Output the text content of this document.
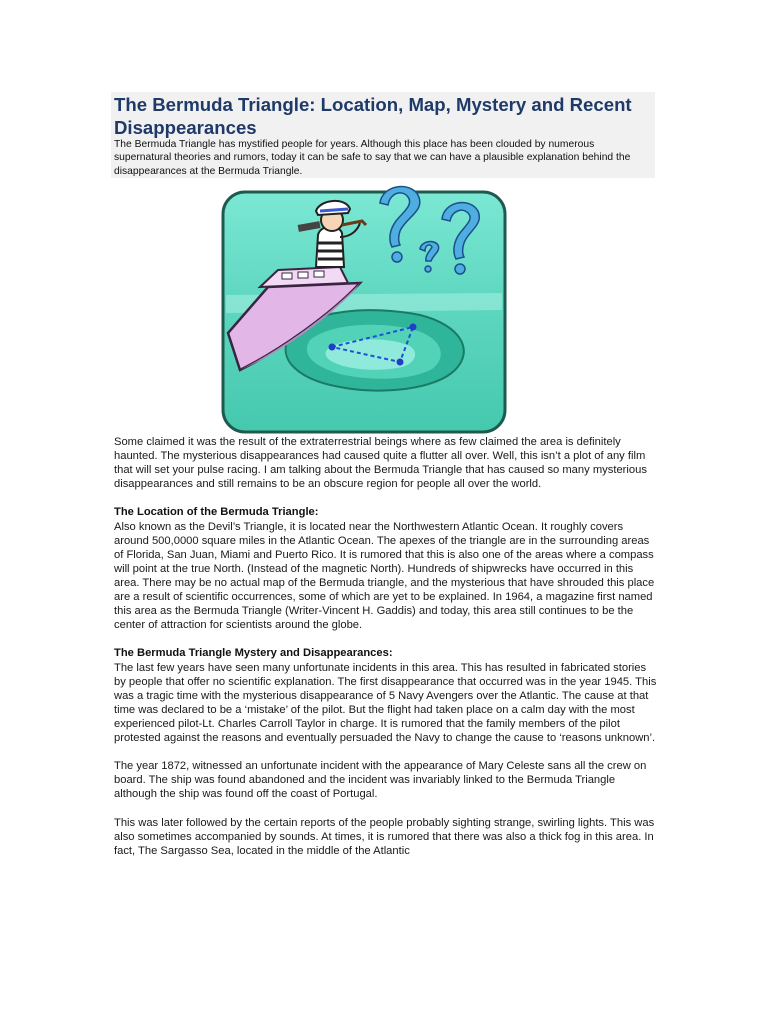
The Bermuda Triangle: Location, Map, Mystery and Recent Disappearances

The Bermuda Triangle has mystified people for years. Although this place has been clouded by numerous supernatural theories and rumors, today it can be safe to say that we can have a plausible explanation behind the disappearances at the Bermuda Triangle.

Some claimed it was the result of the extraterrestrial beings where as few claimed the area is definitely haunted. The mysterious disappearances had caused quite a flutter all over. Well, this isn’t a plot of any film that will set your pulse racing. I am talking about the Bermuda Triangle that has caused so many mysterious disappearances and still remains to be an obscure region for people all over the world.

The Location of the Bermuda Triangle:

Also known as the Devil’s Triangle, it is located near the Northwestern Atlantic Ocean. It roughly covers around 500,0000 square miles in the Atlantic Ocean. The apexes of the triangle are in the surrounding areas of Florida, San Juan, Miami and Puerto Rico. It is rumored that this is also one of the areas where a compass will point at the true North. (Instead of the magnetic North). Hundreds of shipwrecks have occurred in this area. There may be no actual map of the Bermuda triangle, and the mysterious that have shrouded this place are a result of scientific occurrences, some of which are yet to be explained. In 1964, a magazine first named this area as the Bermuda Triangle (Writer-Vincent H. Gaddis) and today, this area still continues to be the center of attraction for scientists around the globe.

The Bermuda Triangle Mystery and Disappearances:

The last few years have seen many unfortunate incidents in this area. This has resulted in fabricated stories by people that offer no scientific explanation. The first disappearance that occurred was in the year 1945. This was a tragic time with the mysterious disappearance of 5 Navy Avengers over the Atlantic. The cause at that time was declared to be a ‘mistake’ of the pilot. But the flight had taken place on a calm day with the most experienced pilot-Lt. Charles Carroll Taylor in charge. It is rumored that the family members of the pilot protested against the reasons and eventually persuaded the Navy to change the cause to ‘reasons unknown’.

The year 1872, witnessed an unfortunate incident with the appearance of Mary Celeste sans all the crew on board. The ship was found abandoned and the incident was invariably linked to the Bermuda Triangle although the ship was found off the coast of Portugal.

This was later followed by the certain reports of the people probably sighting strange, swirling lights. This was also sometimes accompanied by sounds. At times, it is rumored that there was also a thick fog in this area. In fact, The Sargasso Sea, located in the middle of the Atlantic
